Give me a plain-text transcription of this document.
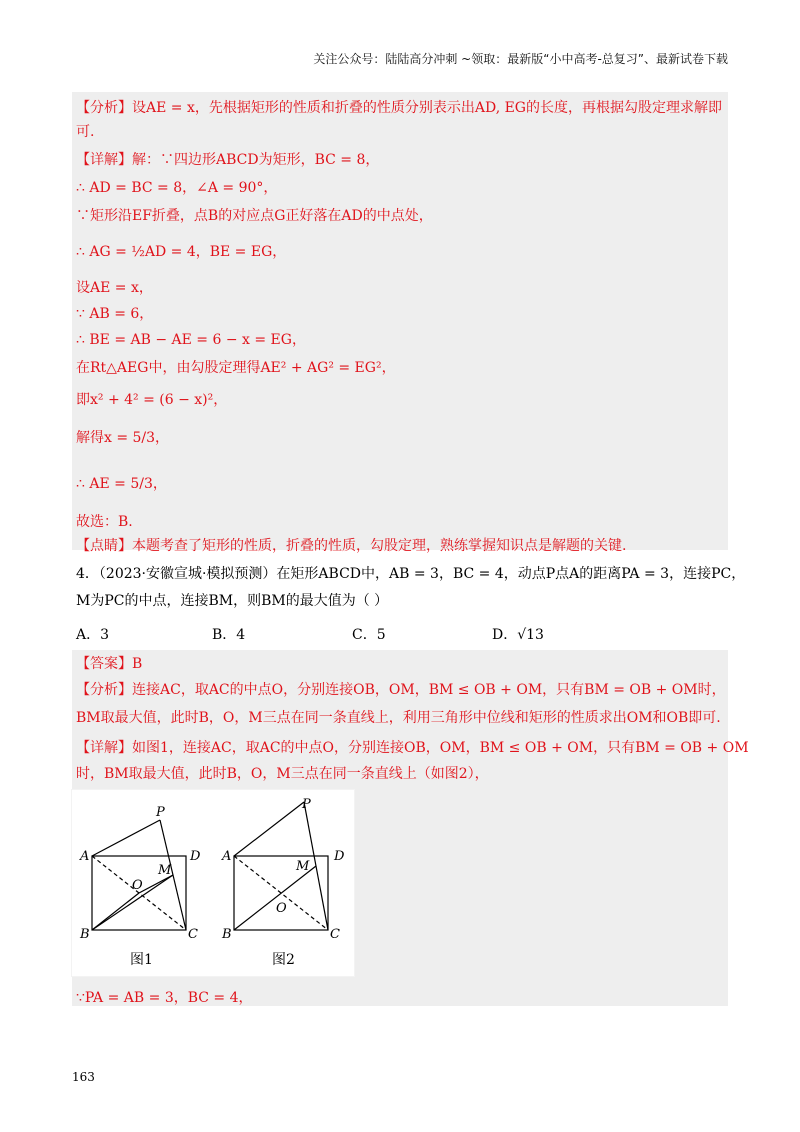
关注公众号：陆陆高分冲刺 ~领取：最新版“小中高考-总复习”、最新试卷下载
【分析】设AE = x，先根据矩形的性质和折叠的性质分别表示出AD, EG的长度，再根据勾股定理求解即
可.
【详解】解：∵四边形ABCD为矩形，BC = 8，
∴ AD = BC = 8，∠A = 90°，
∵矩形沿EF折叠，点B的对应点G正好落在AD的中点处，
∴ AG = ½AD = 4，BE = EG，
设AE = x，
∵ AB = 6，
∴ BE = AB − AE = 6 − x = EG，
在Rt△AEG中，由勾股定理得AE² + AG² = EG²，
即x² + 4² = (6 − x)²，
解得x = 5/3，
∴ AE = 5/3，
故选：B.
【点睛】本题考查了矩形的性质，折叠的性质，勾股定理，熟练掌握知识点是解题的关键.
4．（2023·安徽宣城·模拟预测）在矩形ABCD中，AB = 3，BC = 4，动点P点A的距离PA = 3，连接PC，
M为PC的中点，连接BM，则BM的最大值为（ ）
A．3	B．4	C．5	D．√13
【答案】B
【分析】连接AC，取AC的中点O，分别连接OB，OM，BM ≤ OB + OM，只有BM = OB + OM时，
BM取最大值，此时B，O，M三点在同一条直线上，利用三角形中位线和矩形的性质求出OM和OB即可.
【详解】如图1，连接AC，取AC的中点O，分别连接OB，OM，BM ≤ OB + OM，只有BM = OB + OM
时，BM取最大值，此时B，O，M三点在同一条直线上（如图2），
P
A	D
O
M
B	C
图1
P
A	D
O
M
B	C
图2
∵PA = AB = 3，BC = 4，
163
